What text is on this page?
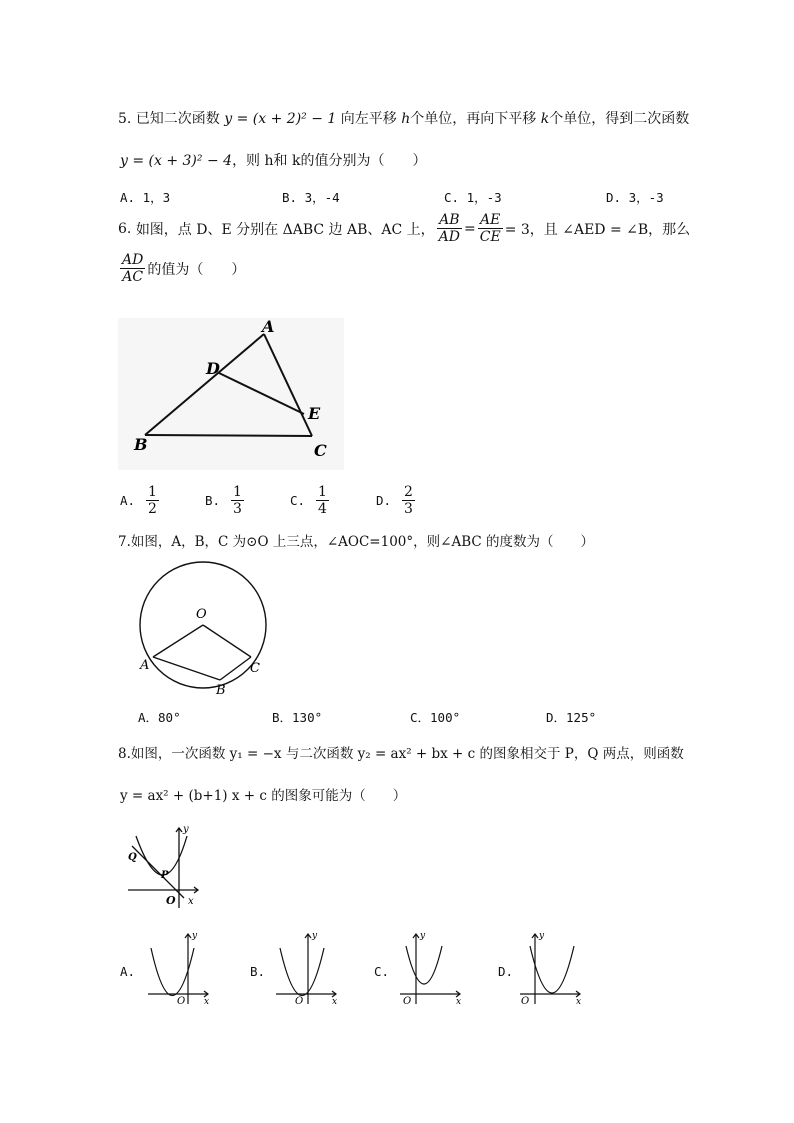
5. 已知二次函数 y = (x + 2)² − 1 向左平移 h个单位，再向下平移 k个单位，得到二次函数
y = (x + 3)² − 4，则 h和 k的值分别为（　　）
A. 1，3	B. 3，-4	C. 1，-3	D. 3，-3
6.
如图，点 D、E 分别在 ΔABC 边 AB、AC 上， $\frac{AB}{AD} = \frac{AE}{CE} = 3$，且 ∠AED = ∠B，那么
$\frac{AD}{AC}$ 的值为（　　）
A
D
E
B	C
A.
$\frac{1}{2}$	B.
$\frac{1}{3}$	C.
$\frac{1}{4}$	D.
$\frac{2}{3}$
7.如图，A，B，C 为⊙O 上三点，∠AOC=100°，则∠ABC 的度数为（　　）
O
A
B
C
A．80°	B．130°	C．100°	D．125°
8.如图，一次函数 y₁ = −x 与二次函数 y₂ = ax² + bx + c 的图象相交于 P，Q 两点，则函数
y = ax² + (b+1) x + c 的图象可能为（　　）
Q
P
O x
y
A.
O x
y
B.
O	x
y
C.
O	x
y
D.
O	x
y
